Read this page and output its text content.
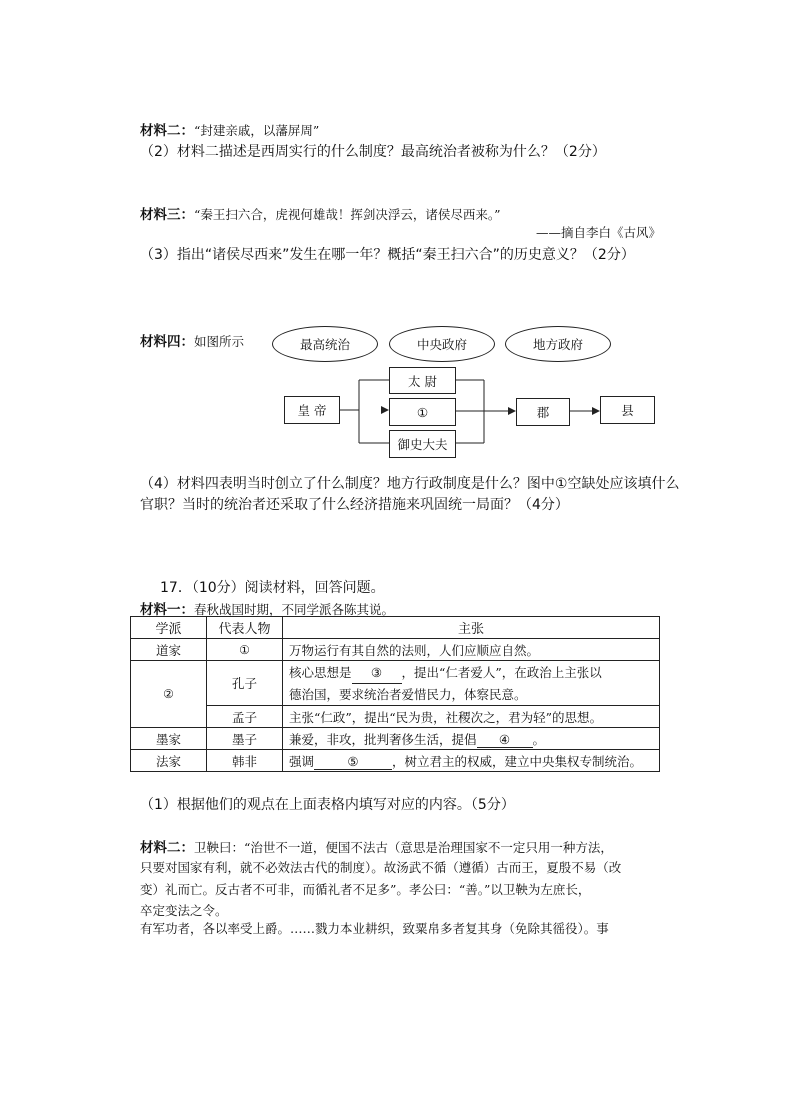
材料二：“封建亲戚，以藩屏周”
（2）材料二描述是西周实行的什么制度？最高统治者被称为什么？（2分）
材料三：“秦王扫六合，虎视何雄哉！挥剑决浮云，诸侯尽西来。”
——摘自李白《古风》
（3）指出“诸侯尽西来”发生在哪一年？概括“秦王扫六合”的历史意义？（2分）
材料四：如图所示	最高统治	中央政府	地方政府
皇 帝
太 尉
①
御史大夫
郡	县
（4）材料四表明当时创立了什么制度？地方行政制度是什么？图中①空缺处应该填什么
官职？当时的统治者还采取了什么经济措施来巩固统一局面？（4分）
17．（10分）阅读材料，回答问题。
材料一：春秋战国时期，不同学派各陈其说。
学派	代表人物	主张
道家	①	万物运行有其自然的法则，人们应顺应自然。
②	孔子	核心思想是 ③ ，提出“仁者爱人”，在政治上主张以
德治国，要求统治者爱惜民力，体察民意。
	孟子	主张“仁政”，提出“民为贵，社稷次之，君为轻”的思想。
墨家	墨子	兼爱，非攻，批判奢侈生活，提倡 ④ 。
法家	韩非	强调 ⑤ ，树立君主的权威，建立中央集权专制统治。
（1）根据他们的观点在上面表格内填写对应的内容。（5分）
材料二：卫鞅曰：“治世不一道，便国不法古（意思是治理国家不一定只用一种方法，
只要对国家有利，就不必效法古代的制度）。故汤武不循（遵循）古而王，夏殷不易（改
变）礼而亡。反古者不可非，而循礼者不足多”。孝公曰：“善。”以卫鞅为左庶长，
卒定变法之令。
有军功者，各以率受上爵。……戮力本业耕织，致粟帛多者复其身（免除其徭役）。事
